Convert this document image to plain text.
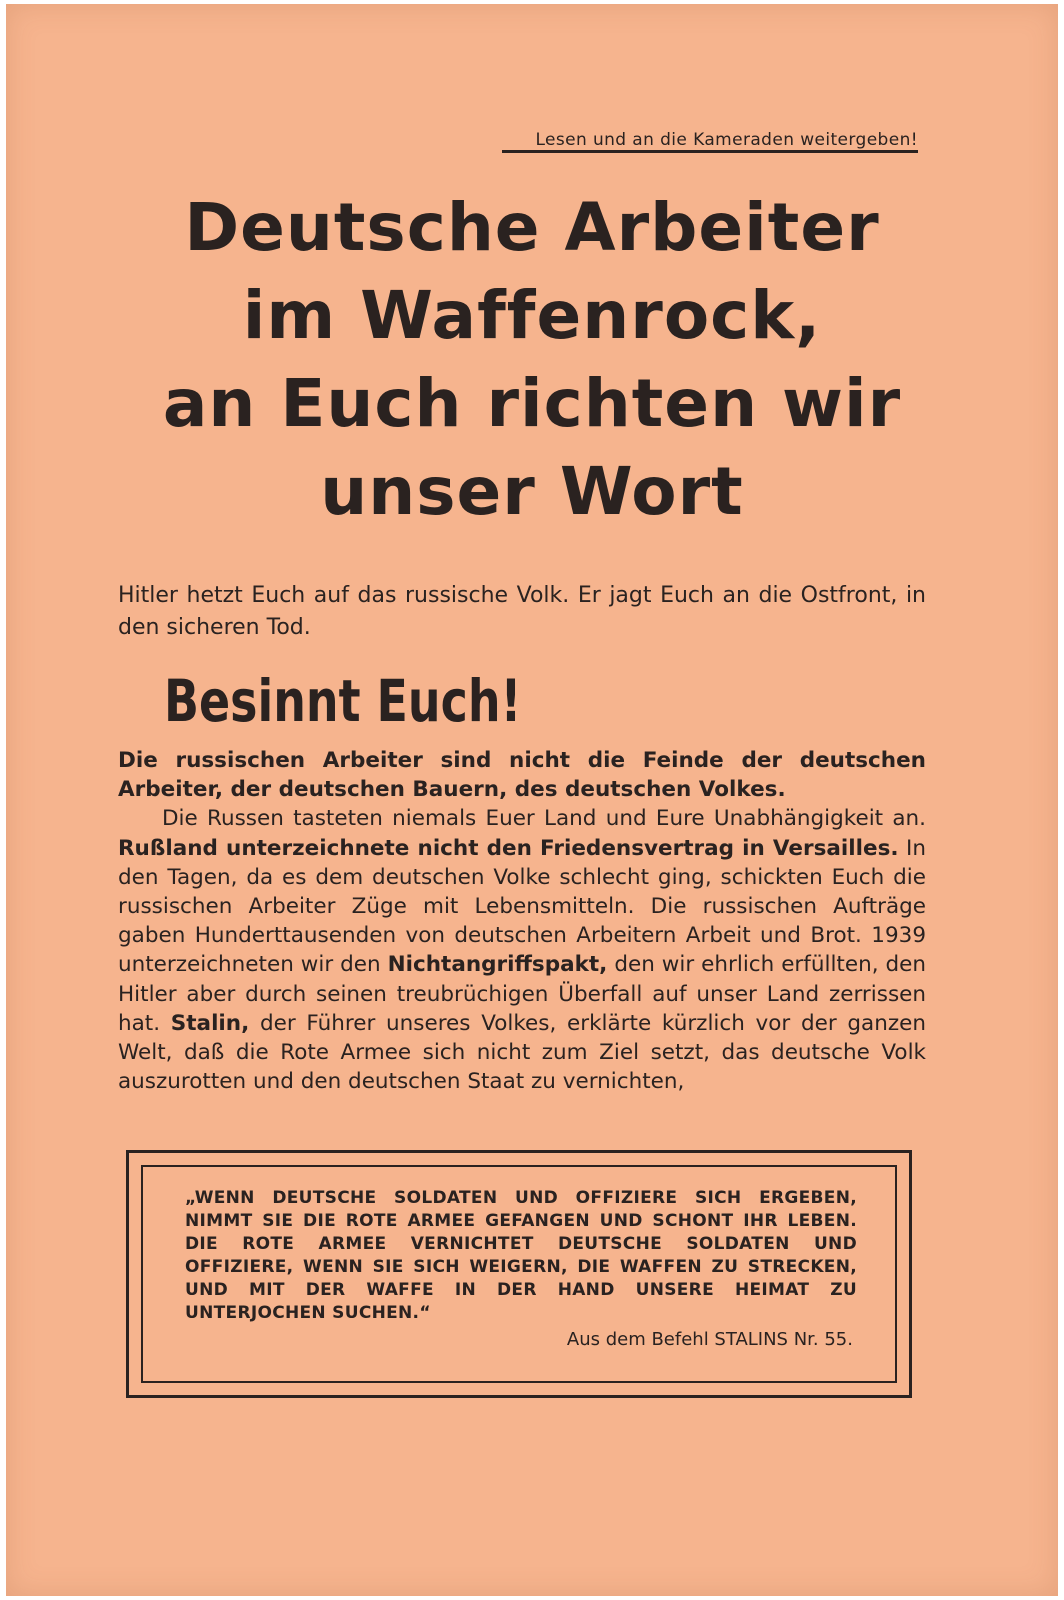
Lesen und an die Kameraden weitergeben!
Deutsche Arbeiter
im Waffenrock,
an Euch richten wir
unser Wort

Hitler hetzt Euch auf das russische Volk. Er jagt Euch an die Ostfront, in den sicheren Tod.

Besinnt Euch!

Die russischen Arbeiter sind nicht die Feinde der deutschen Arbeiter, der deutschen Bauern, des deutschen Volkes.

Die Russen tasteten niemals Euer Land und Eure Unabhängigkeit an. Rußland unterzeichnete nicht den Friedensvertrag in Versailles. In den Tagen, da es dem deutschen Volke schlecht ging, schickten Euch die russischen Arbeiter Züge mit Lebensmitteln. Die russischen Aufträge gaben Hunderttausenden von deutschen Arbeitern Arbeit und Brot. 1939 unterzeichneten wir den Nichtangriffspakt, den wir ehrlich erfüllten, den Hitler aber durch seinen treubrüchigen Überfall auf unser Land zerrissen hat. Stalin, der Führer unseres Volkes, erklärte kürzlich vor der ganzen Welt, daß die Rote Armee sich nicht zum Ziel setzt, das deutsche Volk auszurotten und den deutschen Staat zu vernichten,

„WENN DEUTSCHE SOLDATEN UND OFFIZIERE SICH ERGEBEN, NIMMT SIE DIE ROTE ARMEE GEFANGEN UND SCHONT IHR LEBEN. DIE ROTE ARMEE VERNICHTET DEUTSCHE SOLDATEN UND OFFIZIERE, WENN SIE SICH WEIGERN, DIE WAFFEN ZU STRECKEN, UND MIT DER WAFFE IN DER HAND UNSERE HEIMAT ZU UNTERJOCHEN SUCHEN.“

Aus dem Befehl STALINS Nr. 55.
